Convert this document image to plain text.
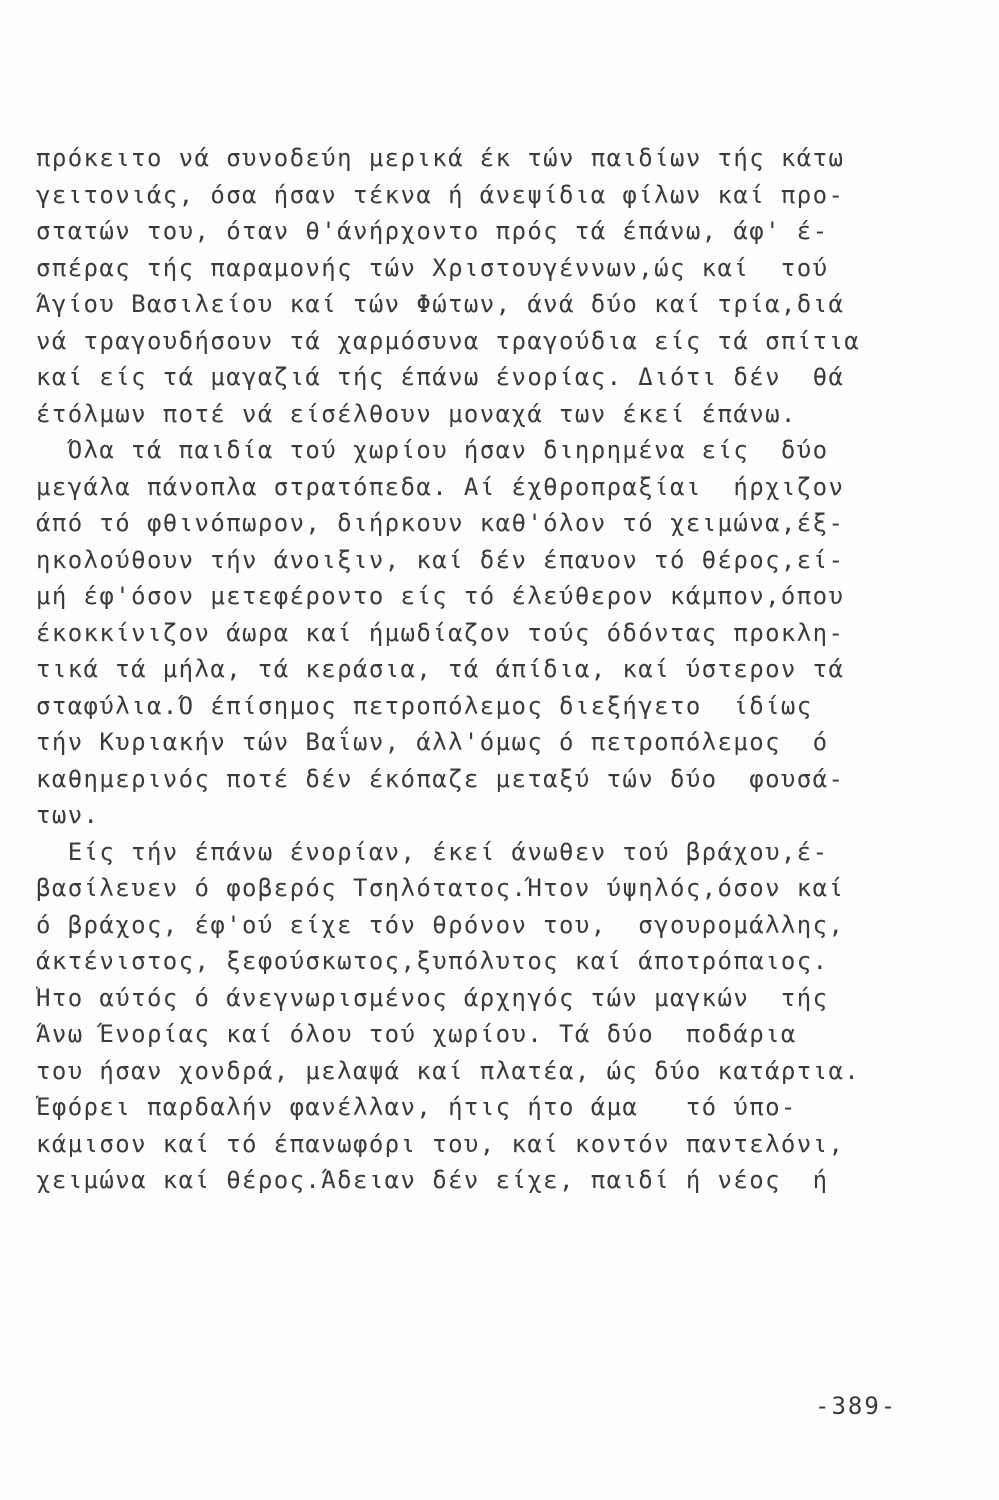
πρόκειτο νά συνοδεύη μερικά έκ τών παιδίων τής κάτω
γειτονιάς, όσα ήσαν τέκνα ή άνεψίδια φίλων καί προ-
στατών του, όταν θ'άνήρχοντο πρός τά έπάνω, άφ' έ-
σπέρας τής παραμονής τών Χριστουγέννων,ώς καί  τού
Άγίου Βασιλείου καί τών Φώτων, άνά δύο καί τρία,διά
νά τραγουδήσουν τά χαρμόσυνα τραγούδια είς τά σπίτια
καί είς τά μαγαζιά τής έπάνω ένορίας. Διότι δέν  θά
έτόλμων ποτέ νά είσέλθουν μοναχά των έκεί έπάνω.
Όλα τά παιδία τού χωρίου ήσαν διηρημένα είς  δύο
μεγάλα πάνοπλα στρατόπεδα. Αί έχθροπραξίαι  ήρχιζον
άπό τό φθινόπωρον, διήρκουν καθ'όλον τό χειμώνα,έξ-
ηκολούθουν τήν άνοιξιν, καί δέν έπαυον τό θέρος,εί-
μή έφ'όσον μετεφέροντο είς τό έλεύθερον κάμπον,όπου
έκοκκίνιζον άωρα καί ήμωδίαζον τούς όδόντας προκλη-
τικά τά μήλα, τά κεράσια, τά άπίδια, καί ύστερον τά
σταφύλια.Ό έπίσημος πετροπόλεμος διεξήγετο  ίδίως
τήν Κυριακήν τών Βαΐων, άλλ'όμως ό πετροπόλεμος  ό
καθημερινός ποτέ δέν έκόπαζε μεταξύ τών δύο  φουσά-
των.
Είς τήν έπάνω ένορίαν, έκεί άνωθεν τού βράχου,έ-
βασίλευεν ό φοβερός Τσηλότατος.Ήτον ύψηλός,όσον καί
ό βράχος, έφ'ού είχε τόν θρόνον του,  σγουρομάλλης,
άκτένιστος, ξεφούσκωτος,ξυπόλυτος καί άποτρόπαιος.
Ήτο αύτός ό άνεγνωρισμένος άρχηγός τών μαγκών  τής
Άνω Ένορίας καί όλου τού χωρίου. Τά δύο  ποδάρια
του ήσαν χονδρά, μελαψά καί πλατέα, ώς δύο κατάρτια.
Έφόρει παρδαλήν φανέλλαν, ήτις ήτο άμα   τό ύπο-
κάμισον καί τό έπανωφόρι του, καί κοντόν παντελόνι,
χειμώνα καί θέρος.Άδειαν δέν είχε, παιδί ή νέος  ή
-389-
